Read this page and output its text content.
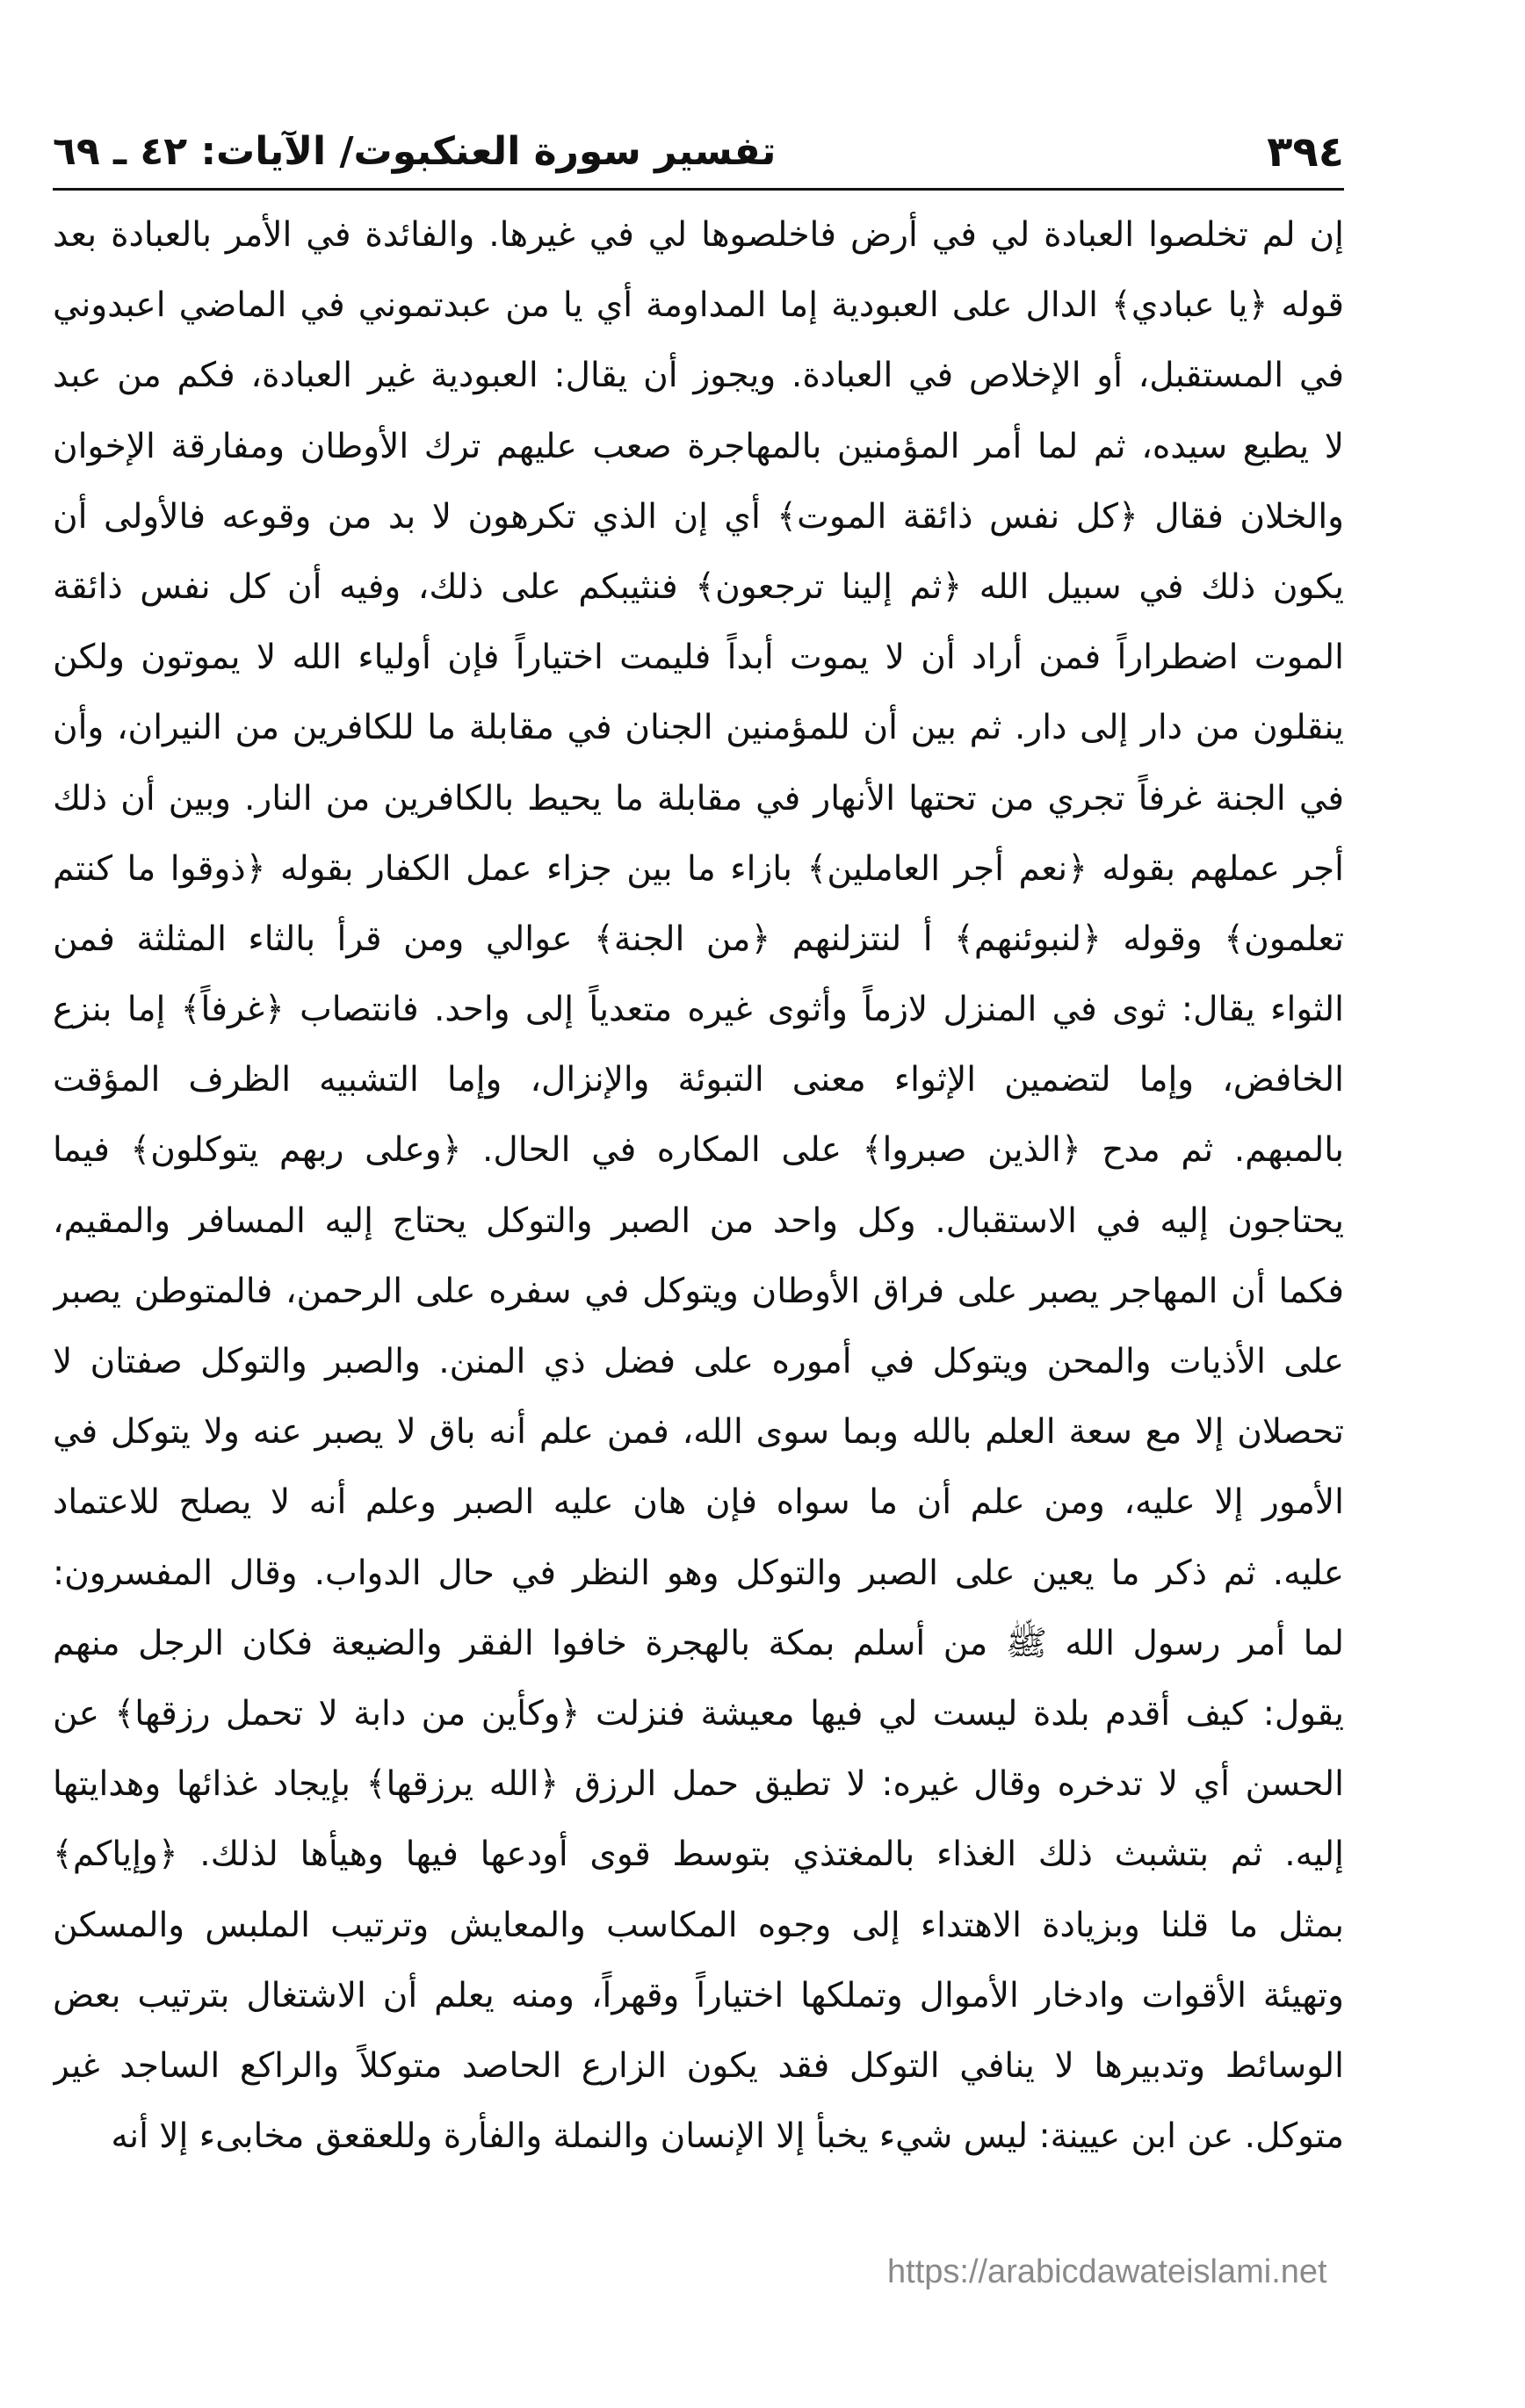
٣٩٤
تفسير سورة العنكبوت/ الآيات: ٤٢ ـ ٦٩
إن لم تخلصوا العبادة لي في أرض فاخلصوها لي في غيرها. والفائدة في الأمر بالعبادة بعد
قوله ﴿يا عبادي﴾ الدال على العبودية إما المداومة أي يا من عبدتموني في الماضي اعبدوني
في المستقبل، أو الإخلاص في العبادة. ويجوز أن يقال: العبودية غير العبادة، فكم من عبد
لا يطيع سيده، ثم لما أمر المؤمنين بالمهاجرة صعب عليهم ترك الأوطان ومفارقة الإخوان
والخلان فقال ﴿كل نفس ذائقة الموت﴾ أي إن الذي تكرهون لا بد من وقوعه فالأولى أن
يكون ذلك في سبيل الله ﴿ثم إلينا ترجعون﴾ فنثيبكم على ذلك، وفيه أن كل نفس ذائقة
الموت اضطراراً فمن أراد أن لا يموت أبداً فليمت اختياراً فإن أولياء الله لا يموتون ولكن
ينقلون من دار إلى دار. ثم بين أن للمؤمنين الجنان في مقابلة ما للكافرين من النيران، وأن
في الجنة غرفاً تجري من تحتها الأنهار في مقابلة ما يحيط بالكافرين من النار. وبين أن ذلك
أجر عملهم بقوله ﴿نعم أجر العاملين﴾ بازاء ما بين جزاء عمل الكفار بقوله ﴿ذوقوا ما كنتم
تعلمون﴾ وقوله ﴿لنبوئنهم﴾ أ لنتزلنهم ﴿من الجنة﴾ عوالي ومن قرأ بالثاء المثلثة فمن
الثواء يقال: ثوى في المنزل لازماً وأثوى غيره متعدياً إلى واحد. فانتصاب ﴿غرفاً﴾ إما بنزع
الخافض، وإما لتضمين الإثواء معنى التبوئة والإنزال، وإما التشبيه الظرف المؤقت
بالمبهم. ثم مدح ﴿الذين صبروا﴾ على المكاره في الحال. ﴿وعلى ربهم يتوكلون﴾ فيما
يحتاجون إليه في الاستقبال. وكل واحد من الصبر والتوكل يحتاج إليه المسافر والمقيم،
فكما أن المهاجر يصبر على فراق الأوطان ويتوكل في سفره على الرحمن، فالمتوطن يصبر
على الأذيات والمحن ويتوكل في أموره على فضل ذي المنن. والصبر والتوكل صفتان لا
تحصلان إلا مع سعة العلم بالله وبما سوى الله، فمن علم أنه باق لا يصبر عنه ولا يتوكل في
الأمور إلا عليه، ومن علم أن ما سواه فإن هان عليه الصبر وعلم أنه لا يصلح للاعتماد
عليه. ثم ذكر ما يعين على الصبر والتوكل وهو النظر في حال الدواب. وقال المفسرون:
لما أمر رسول الله ﷺ من أسلم بمكة بالهجرة خافوا الفقر والضيعة فكان الرجل منهم
يقول: كيف أقدم بلدة ليست لي فيها معيشة فنزلت ﴿وكأين من دابة لا تحمل رزقها﴾ عن
الحسن أي لا تدخره وقال غيره: لا تطيق حمل الرزق ﴿الله يرزقها﴾ بإيجاد غذائها وهدايتها
إليه. ثم بتشبث ذلك الغذاء بالمغتذي بتوسط قوى أودعها فيها وهيأها لذلك. ﴿وإياكم﴾
بمثل ما قلنا وبزيادة الاهتداء إلى وجوه المكاسب والمعايش وترتيب الملبس والمسكن
وتهيئة الأقوات وادخار الأموال وتملكها اختياراً وقهراً، ومنه يعلم أن الاشتغال بترتيب بعض
الوسائط وتدبيرها لا ينافي التوكل فقد يكون الزارع الحاصد متوكلاً والراكع الساجد غير
متوكل. عن ابن عيينة: ليس شيء يخبأ إلا الإنسان والنملة والفأرة وللعقعق مخابىء إلا أنه
https://arabicdawateislami.net
